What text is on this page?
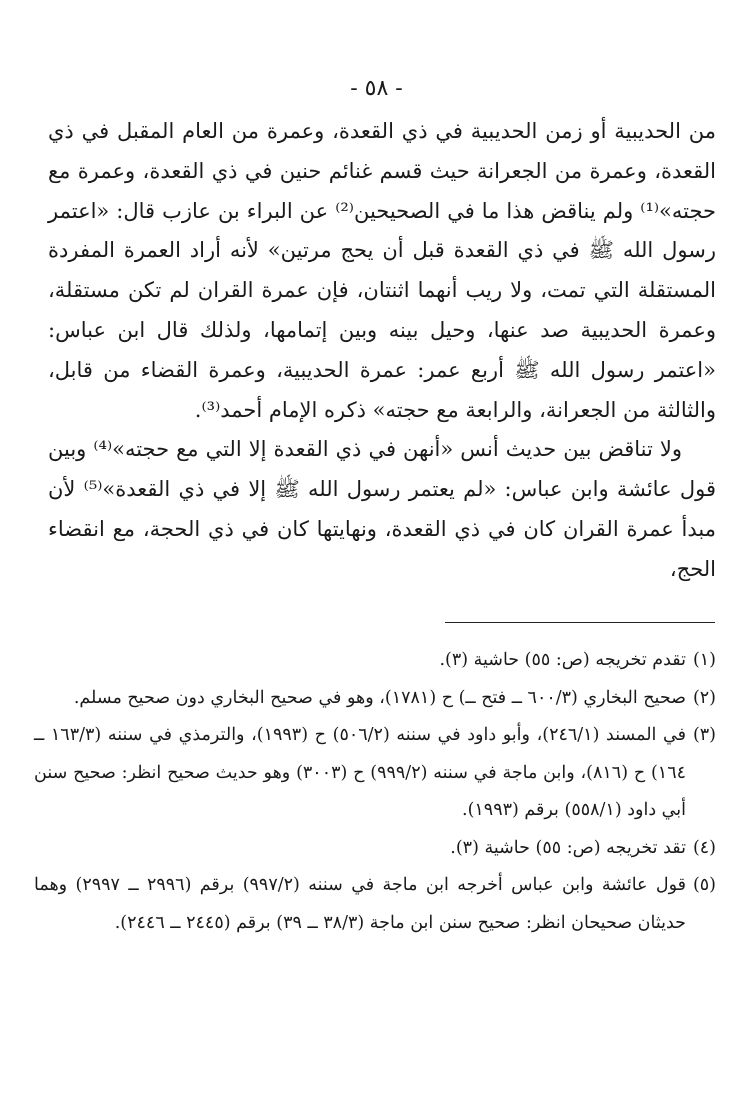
- ٥٨ -

من الحديبية أو زمن الحديبية في ذي القعدة، وعمرة من العام المقبل في ذي القعدة، وعمرة من الجعرانة حيث قسم غنائم حنين في ذي القعدة، وعمرة مع حجته»⁽¹⁾ ولم يناقض هذا ما في الصحيحين⁽²⁾ عن البراء بن عازب قال: «اعتمر رسول الله ﷺ في ذي القعدة قبل أن يحج مرتين» لأنه أراد العمرة المفردة المستقلة التي تمت، ولا ريب أنهما اثنتان، فإن عمرة القران لم تكن مستقلة، وعمرة الحديبية صد عنها، وحيل بينه وبين إتمامها، ولذلك قال ابن عباس: «اعتمر رسول الله ﷺ أربع عمر: عمرة الحديبية، وعمرة القضاء من قابل، والثالثة من الجعرانة، والرابعة مع حجته» ذكره الإمام أحمد⁽³⁾.

ولا تناقض بين حديث أنس «أنهن في ذي القعدة إلا التي مع حجته»⁽⁴⁾ وبين قول عائشة وابن عباس: «لم يعتمر رسول الله ﷺ إلا في ذي القعدة»⁽⁵⁾ لأن مبدأ عمرة القران كان في ذي القعدة، ونهايتها كان في ذي الحجة، مع انقضاء الحج،

(١)
تقدم تخريجه (ص: ٥٥) حاشية (٣).
(٢)
صحيح البخاري (٦٠٠/٣ ــ فتح ــ) ح (١٧٨١)، وهو في صحيح البخاري دون صحيح مسلم.
(٣)
في المسند (٢٤٦/١)، وأبو داود في سننه (٥٠٦/٢) ح (١٩٩٣)، والترمذي في سننه (١٦٣/٣ ــ ١٦٤) ح (٨١٦)، وابن ماجة في سننه (٩٩٩/٢) ح (٣٠٠٣) وهو حديث صحيح انظر: صحيح سنن أبي داود (٥٥٨/١) برقم (١٩٩٣).
(٤)
تقد تخريجه (ص: ٥٥) حاشية (٣).
(٥)
قول عائشة وابن عباس أخرجه ابن ماجة في سننه (٩٩٧/٢) برقم (٢٩٩٦ ــ ٢٩٩٧) وهما حديثان صحيحان انظر: صحيح سنن ابن ماجة (٣٨/٣ ــ ٣٩) برقم (٢٤٤٥ ــ ٢٤٤٦).
